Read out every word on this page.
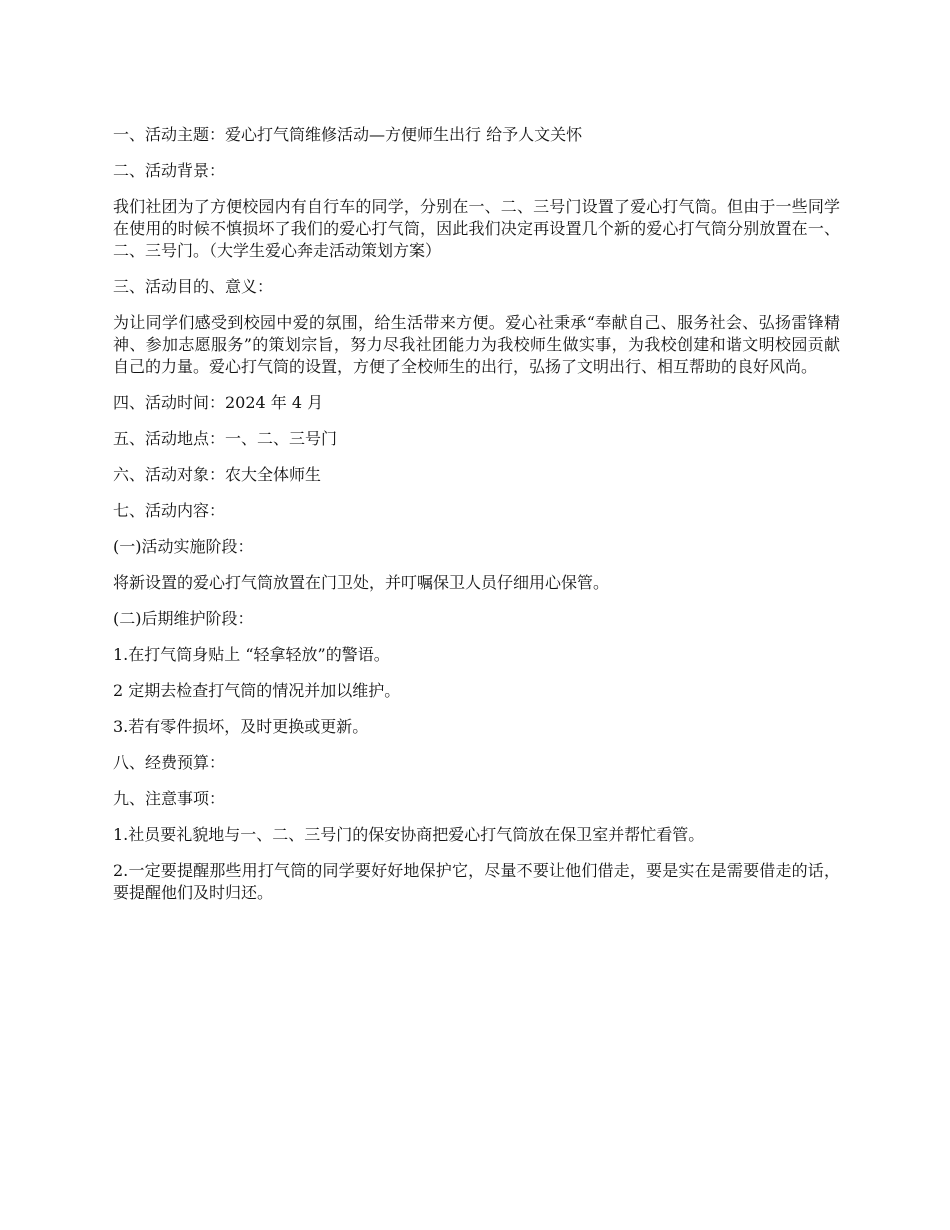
一、活动主题：爱心打气筒维修活动—方便师生出行 给予人文关怀

二、活动背景：

我们社团为了方便校园内有自行车的同学，分别在一、二、三号门设置了爱心打气筒。但由于一些同学在使用的时候不慎损坏了我们的爱心打气筒，因此我们决定再设置几个新的爱心打气筒分别放置在一、二、三号门。（大学生爱心奔走活动策划方案）

三、活动目的、意义：

为让同学们感受到校园中爱的氛围，给生活带来方便。爱心社秉承“奉献自己、服务社会、弘扬雷锋精神、参加志愿服务”的策划宗旨，努力尽我社团能力为我校师生做实事，为我校创建和谐文明校园贡献自己的力量。爱心打气筒的设置，方便了全校师生的出行，弘扬了文明出行、相互帮助的良好风尚。

四、活动时间：2024 年 4 月

五、活动地点：一、二、三号门

六、活动对象：农大全体师生

七、活动内容：

(一)活动实施阶段：

将新设置的爱心打气筒放置在门卫处，并叮嘱保卫人员仔细用心保管。

(二)后期维护阶段：

1.在打气筒身贴上 “轻拿轻放”的警语。

2 定期去检查打气筒的情况并加以维护。

3.若有零件损坏，及时更换或更新。

八、经费预算：

九、注意事项：

1.社员要礼貌地与一、二、三号门的保安协商把爱心打气筒放在保卫室并帮忙看管。

2.一定要提醒那些用打气筒的同学要好好地保护它，尽量不要让他们借走，要是实在是需要借走的话，要提醒他们及时归还。
